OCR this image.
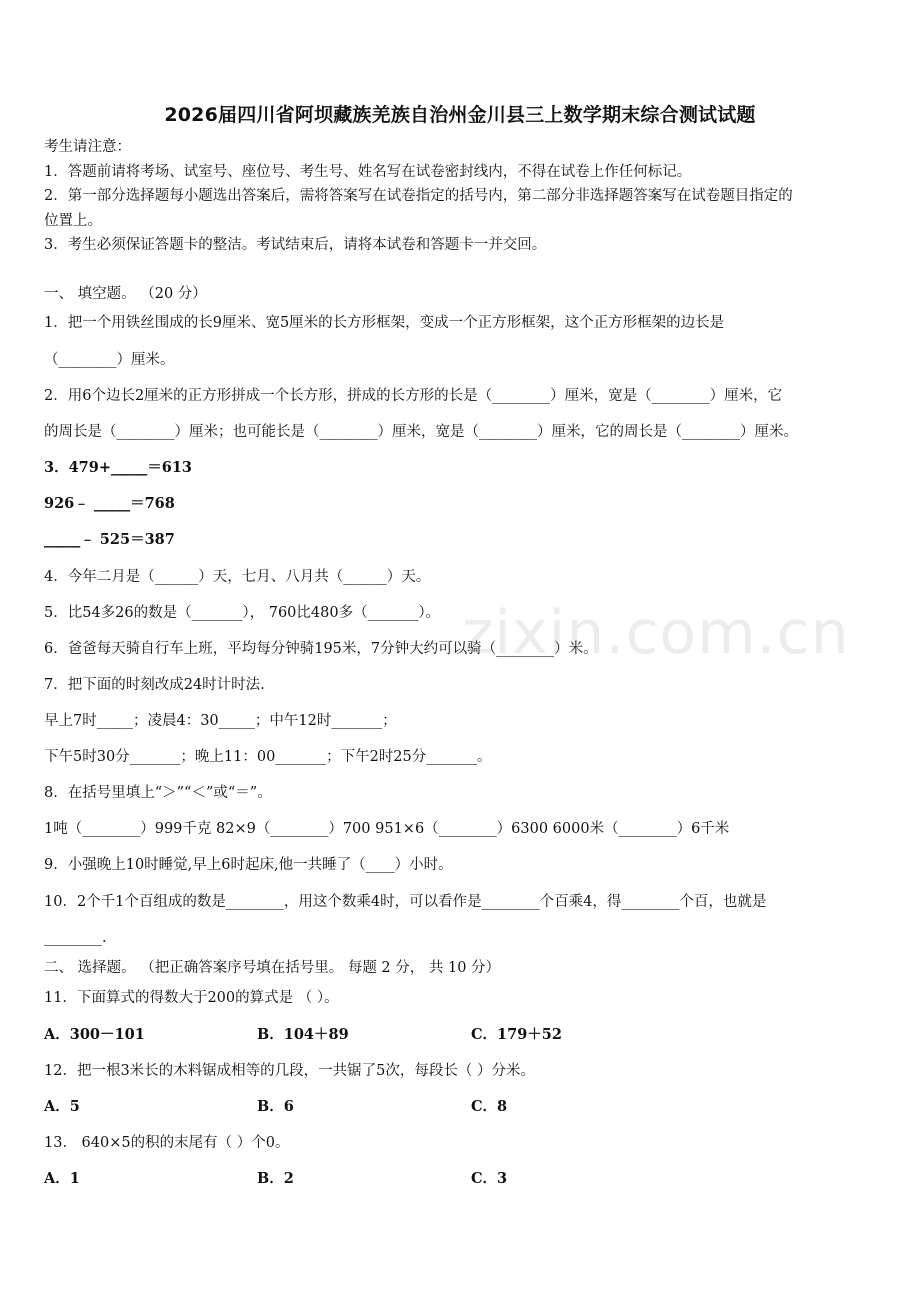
2026届四川省阿坝藏族羌族自治州金川县三上数学期末综合测试试题
考生请注意：
1．答题前请将考场、试室号、座位号、考生号、姓名写在试卷密封线内，不得在试卷上作任何标记。
2．第一部分选择题每小题选出答案后，需将答案写在试卷指定的括号内，第二部分非选择题答案写在试卷题目指定的
位置上。
3．考生必须保证答题卡的整洁。考试结束后，请将本试卷和答题卡一并交回。
一、 填空题。 （20 分）
1．把一个用铁丝围成的长9厘米、宽5厘米的长方形框架，变成一个正方形框架，这个正方形框架的边长是
（________）厘米。
2．用6个边长2厘米的正方形拼成一个长方形，拼成的长方形的长是（________）厘米，宽是（________）厘米，它
的周长是（________）厘米；也可能长是（________）厘米，宽是（________）厘米，它的周长是（________）厘米。
3．479+_____＝613
926﹣ _____＝768
_____﹣ 525＝387
4．今年二月是（______）天，七月、八月共（______）天。
5．比54多26的数是（_______）， 760比480多（_______）。
6．爸爸每天骑自行车上班，平均每分钟骑195米，7分钟大约可以骑（________）米。
7．把下面的时刻改成24时计时法.
早上7时_____；凌晨4：30_____；中午12时_______；
下午5时30分_______；晚上11：00_______；下午2时25分_______。
8．在括号里填上“＞”“＜”或“＝”。
1吨（________）999千克 82×9（________）700 951×6（________）6300 6000米（________）6千米
9．小强晚上10时睡觉,早上6时起床,他一共睡了（____）小时。
10．2个千1个百组成的数是________，用这个数乘4时，可以看作是________个百乘4，得________个百，也就是
________.
二、 选择题。 （把正确答案序号填在括号里。 每题 2 分， 共 10 分）
11．下面算式的得数大于200的算式是 （ ）。
A．300－101	B．104＋89	C．179＋52
12．把一根3米长的木料锯成相等的几段，一共锯了5次，每段长（ ）分米。
A．5	B．6	C．8
13． 640×5的积的末尾有（ ）个0。
A．1	B．2	C．3
zixin.com.cn
